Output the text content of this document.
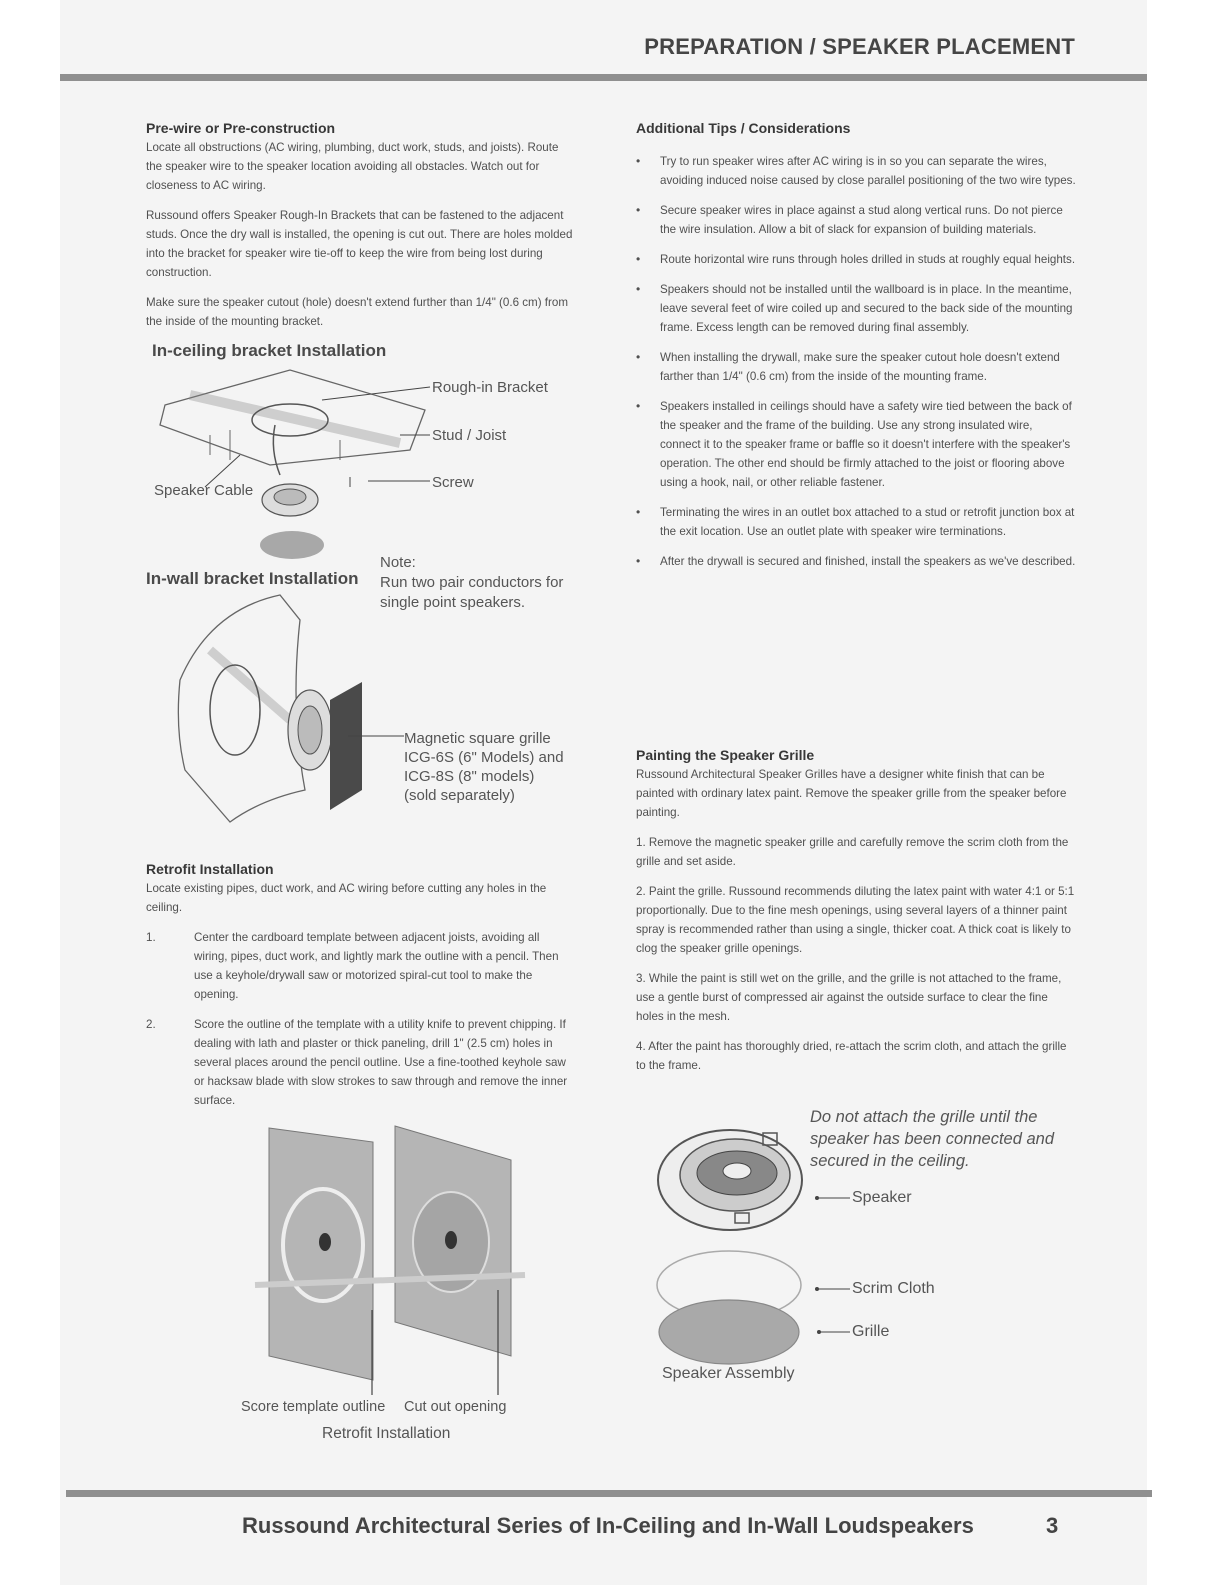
PREPARATION / SPEAKER PLACEMENT
Pre-wire or Pre-construction

Locate all obstructions (AC wiring, plumbing, duct work, studs, and joists). Route the speaker wire to the speaker location avoiding all obstacles. Watch out for closeness to AC wiring.

Russound offers Speaker Rough-In Brackets that can be fastened to the adjacent studs. Once the dry wall is installed, the opening is cut out. There are holes molded into the bracket for speaker wire tie-off to keep the wire from being lost during construction.

Make sure the speaker cutout (hole) doesn't extend further than 1/4" (0.6 cm) from the inside of the mounting bracket.

In-ceiling bracket Installation
Rough-in Bracket
Stud / Joist
Screw
Speaker Cable
In-wall bracket Installation
Note:
Run two pair conductors for single point speakers.
Magnetic square grille
ICG-6S (6" Models) and
ICG-8S (8" models)
(sold separately)
Retrofit Installation

Locate existing pipes, duct work, and AC wiring before cutting any holes in the ceiling.

1.	Center the cardboard template between adjacent joists, avoiding all wiring, pipes, duct work, and lightly mark the outline with a pencil. Then use a keyhole/drywall saw or motorized spiral-cut tool to make the opening.
2.	Score the outline of the template with a utility knife to prevent chipping. If dealing with lath and plaster or thick paneling, drill 1" (2.5 cm) holes in several places around the pencil outline. Use a fine-toothed keyhole saw or hacksaw blade with slow strokes to saw through and remove the inner surface.
Score template outline Cut out opening
Retrofit Installation
Additional Tips / Considerations
• Try to run speaker wires after AC wiring is in so you can separate the wires, avoiding induced noise caused by close parallel positioning of the two wire types.
• Secure speaker wires in place against a stud along vertical runs. Do not pierce the wire insulation. Allow a bit of slack for expansion of building materials.
• Route horizontal wire runs through holes drilled in studs at roughly equal heights.
• Speakers should not be installed until the wallboard is in place. In the meantime, leave several feet of wire coiled up and secured to the back side of the mounting frame. Excess length can be removed during final assembly.
• When installing the drywall, make sure the speaker cutout hole doesn't extend farther than 1/4" (0.6 cm) from the inside of the mounting frame.
• Speakers installed in ceilings should have a safety wire tied between the back of the speaker and the frame of the building. Use any strong insulated wire, connect it to the speaker frame or baffle so it doesn't interfere with the speaker's operation. The other end should be firmly attached to the joist or flooring above using a hook, nail, or other reliable fastener.
• Terminating the wires in an outlet box attached to a stud or retrofit junction box at the exit location. Use an outlet plate with speaker wire terminations.
• After the drywall is secured and finished, install the speakers as we've described.
Painting the Speaker Grille

Russound Architectural Speaker Grilles have a designer white finish that can be painted with ordinary latex paint. Remove the speaker grille from the speaker before painting.

1. Remove the magnetic speaker grille and carefully remove the scrim cloth from the grille and set aside.

2. Paint the grille. Russound recommends diluting the latex paint with water 4:1 or 5:1 proportionally. Due to the fine mesh openings, using several layers of a thinner paint spray is recommended rather than using a single, thicker coat. A thick coat is likely to clog the speaker grille openings.

3. While the paint is still wet on the grille, and the grille is not attached to the frame, use a gentle burst of compressed air against the outside surface to clear the fine holes in the mesh.

4. After the paint has thoroughly dried, re-attach the scrim cloth, and attach the grille to the frame.

Do not attach the grille until the speaker has been connected and secured in the ceiling.
Speaker
Scrim Cloth
Grille
Speaker Assembly
Russound Architectural Series of In-Ceiling and In-Wall Loudspeakers	3
